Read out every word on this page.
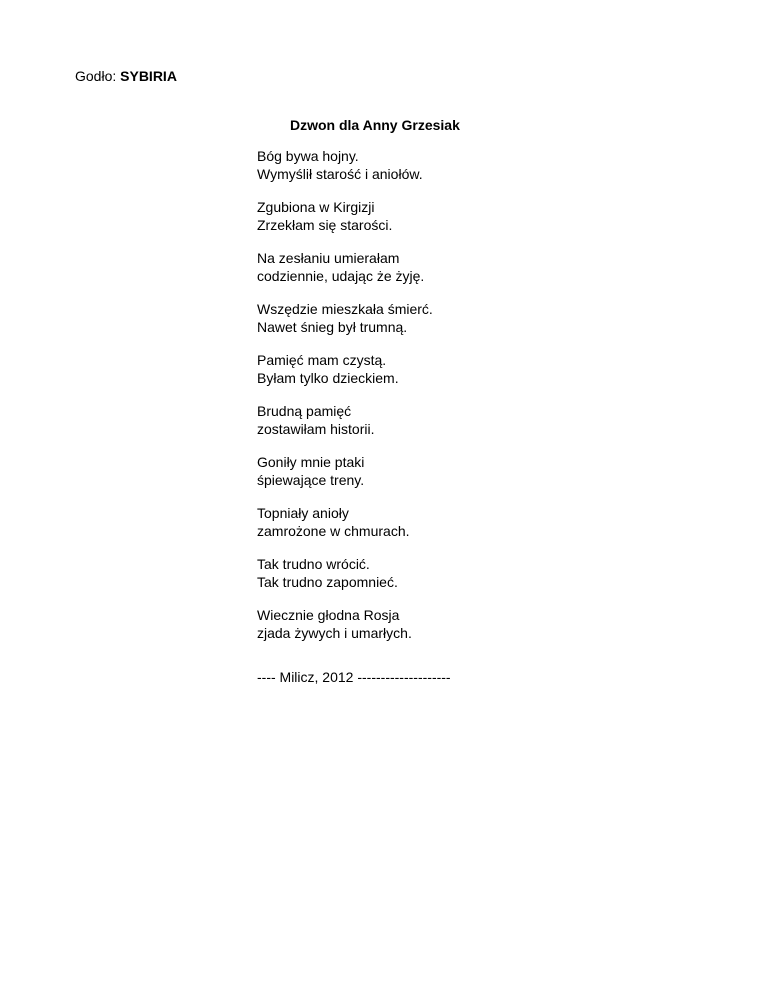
Godło: SYBIRIA
Dzwon dla Anny Grzesiak
Bóg bywa hojny.
Wymyślił starość i aniołów.
Zgubiona w Kirgizji
Zrzekłam się starości.
Na zesłaniu umierałam
codziennie, udając że żyję.
Wszędzie mieszkała śmierć.
Nawet śnieg był trumną.
Pamięć mam czystą.
Byłam tylko dzieckiem.
Brudną pamięć
zostawiłam historii.
Goniły mnie ptaki
śpiewające treny.
Topniały anioły
zamrożone w chmurach.
Tak trudno wrócić.
Tak trudno zapomnieć.
Wiecznie głodna Rosja
zjada żywych i umarłych.
---- Milicz, 2012 --------------------
